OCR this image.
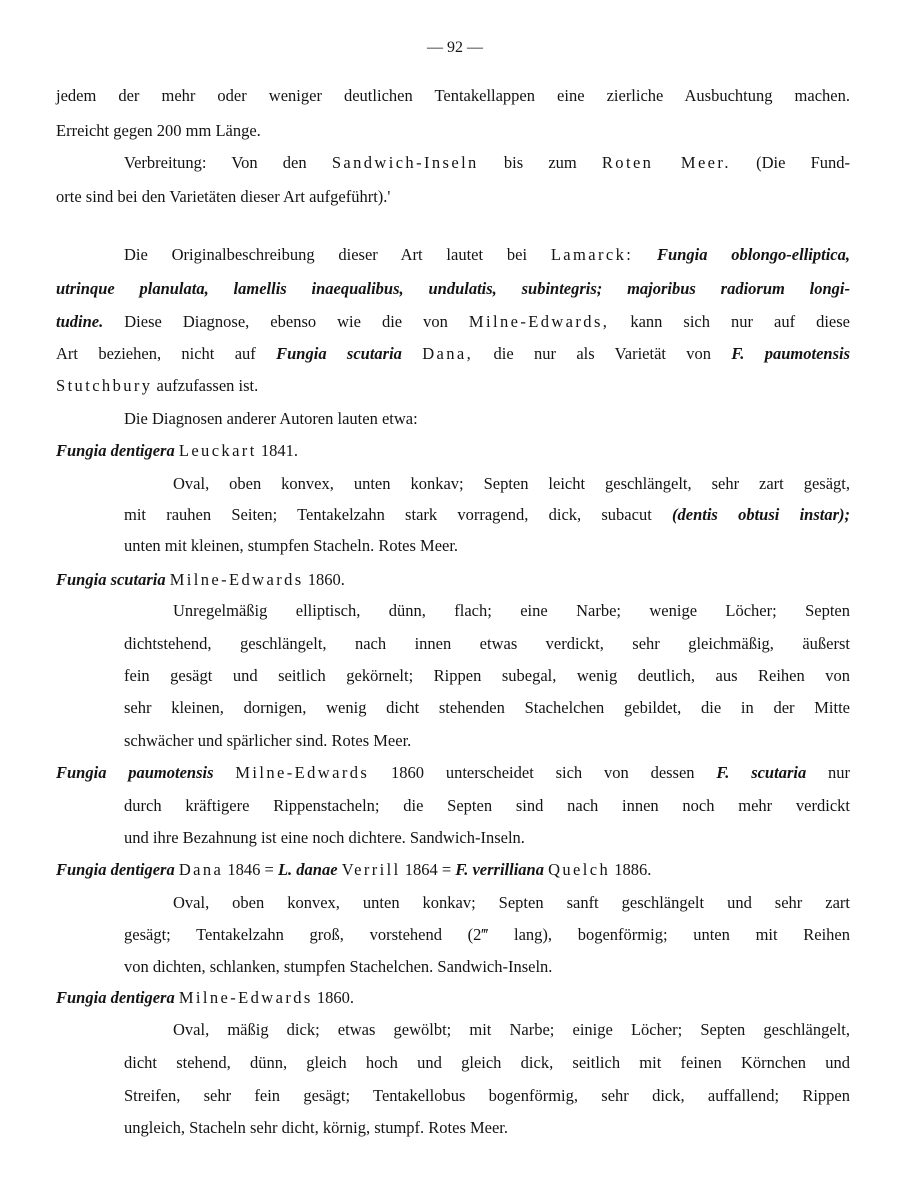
— 92 —
jedem der mehr oder weniger deutlichen Tentakellappen eine zierliche Ausbuchtung machen.
Erreicht gegen 200 mm Länge.
Verbreitung: Von den Sandwich-Inseln bis zum Roten Meer. (Die Fund-
orte sind bei den Varietäten dieser Art aufgeführt).'
Die Originalbeschreibung dieser Art lautet bei Lamarck: Fungia oblongo-elliptica,
utrinque planulata, lamellis inaequalibus, undulatis, subintegris; majoribus radiorum longi-
tudine. Diese Diagnose, ebenso wie die von Milne-Edwards, kann sich nur auf diese
Art beziehen, nicht auf Fungia scutaria Dana, die nur als Varietät von F. paumotensis
Stutchbury aufzufassen ist.
Die Diagnosen anderer Autoren lauten etwa:
Fungia dentigera Leuckart 1841.
Oval, oben konvex, unten konkav; Septen leicht geschlängelt, sehr zart gesägt,
mit rauhen Seiten; Tentakelzahn stark vorragend, dick, subacut (dentis obtusi instar);
unten mit kleinen, stumpfen Stacheln. Rotes Meer.
Fungia scutaria Milne-Edwards 1860.
Unregelmäßig elliptisch, dünn, flach; eine Narbe; wenige Löcher; Septen
dichtstehend, geschlängelt, nach innen etwas verdickt, sehr gleichmäßig, äußerst
fein gesägt und seitlich gekörnelt; Rippen subegal, wenig deutlich, aus Reihen von
sehr kleinen, dornigen, wenig dicht stehenden Stachelchen gebildet, die in der Mitte
schwächer und spärlicher sind. Rotes Meer.
Fungia paumotensis Milne-Edwards 1860 unterscheidet sich von dessen F. scutaria nur
durch kräftigere Rippenstacheln; die Septen sind nach innen noch mehr verdickt
und ihre Bezahnung ist eine noch dichtere. Sandwich-Inseln.
Fungia dentigera Dana 1846 = L. danae Verrill 1864 = F. verrilliana Quelch 1886.
Oval, oben konvex, unten konkav; Septen sanft geschlängelt und sehr zart
gesägt; Tentakelzahn groß, vorstehend (2‴ lang), bogenförmig; unten mit Reihen
von dichten, schlanken, stumpfen Stachelchen. Sandwich-Inseln.
Fungia dentigera Milne-Edwards 1860.
Oval, mäßig dick; etwas gewölbt; mit Narbe; einige Löcher; Septen geschlängelt,
dicht stehend, dünn, gleich hoch und gleich dick, seitlich mit feinen Körnchen und
Streifen, sehr fein gesägt; Tentakellobus bogenförmig, sehr dick, auffallend; Rippen
ungleich, Stacheln sehr dicht, körnig, stumpf. Rotes Meer.
